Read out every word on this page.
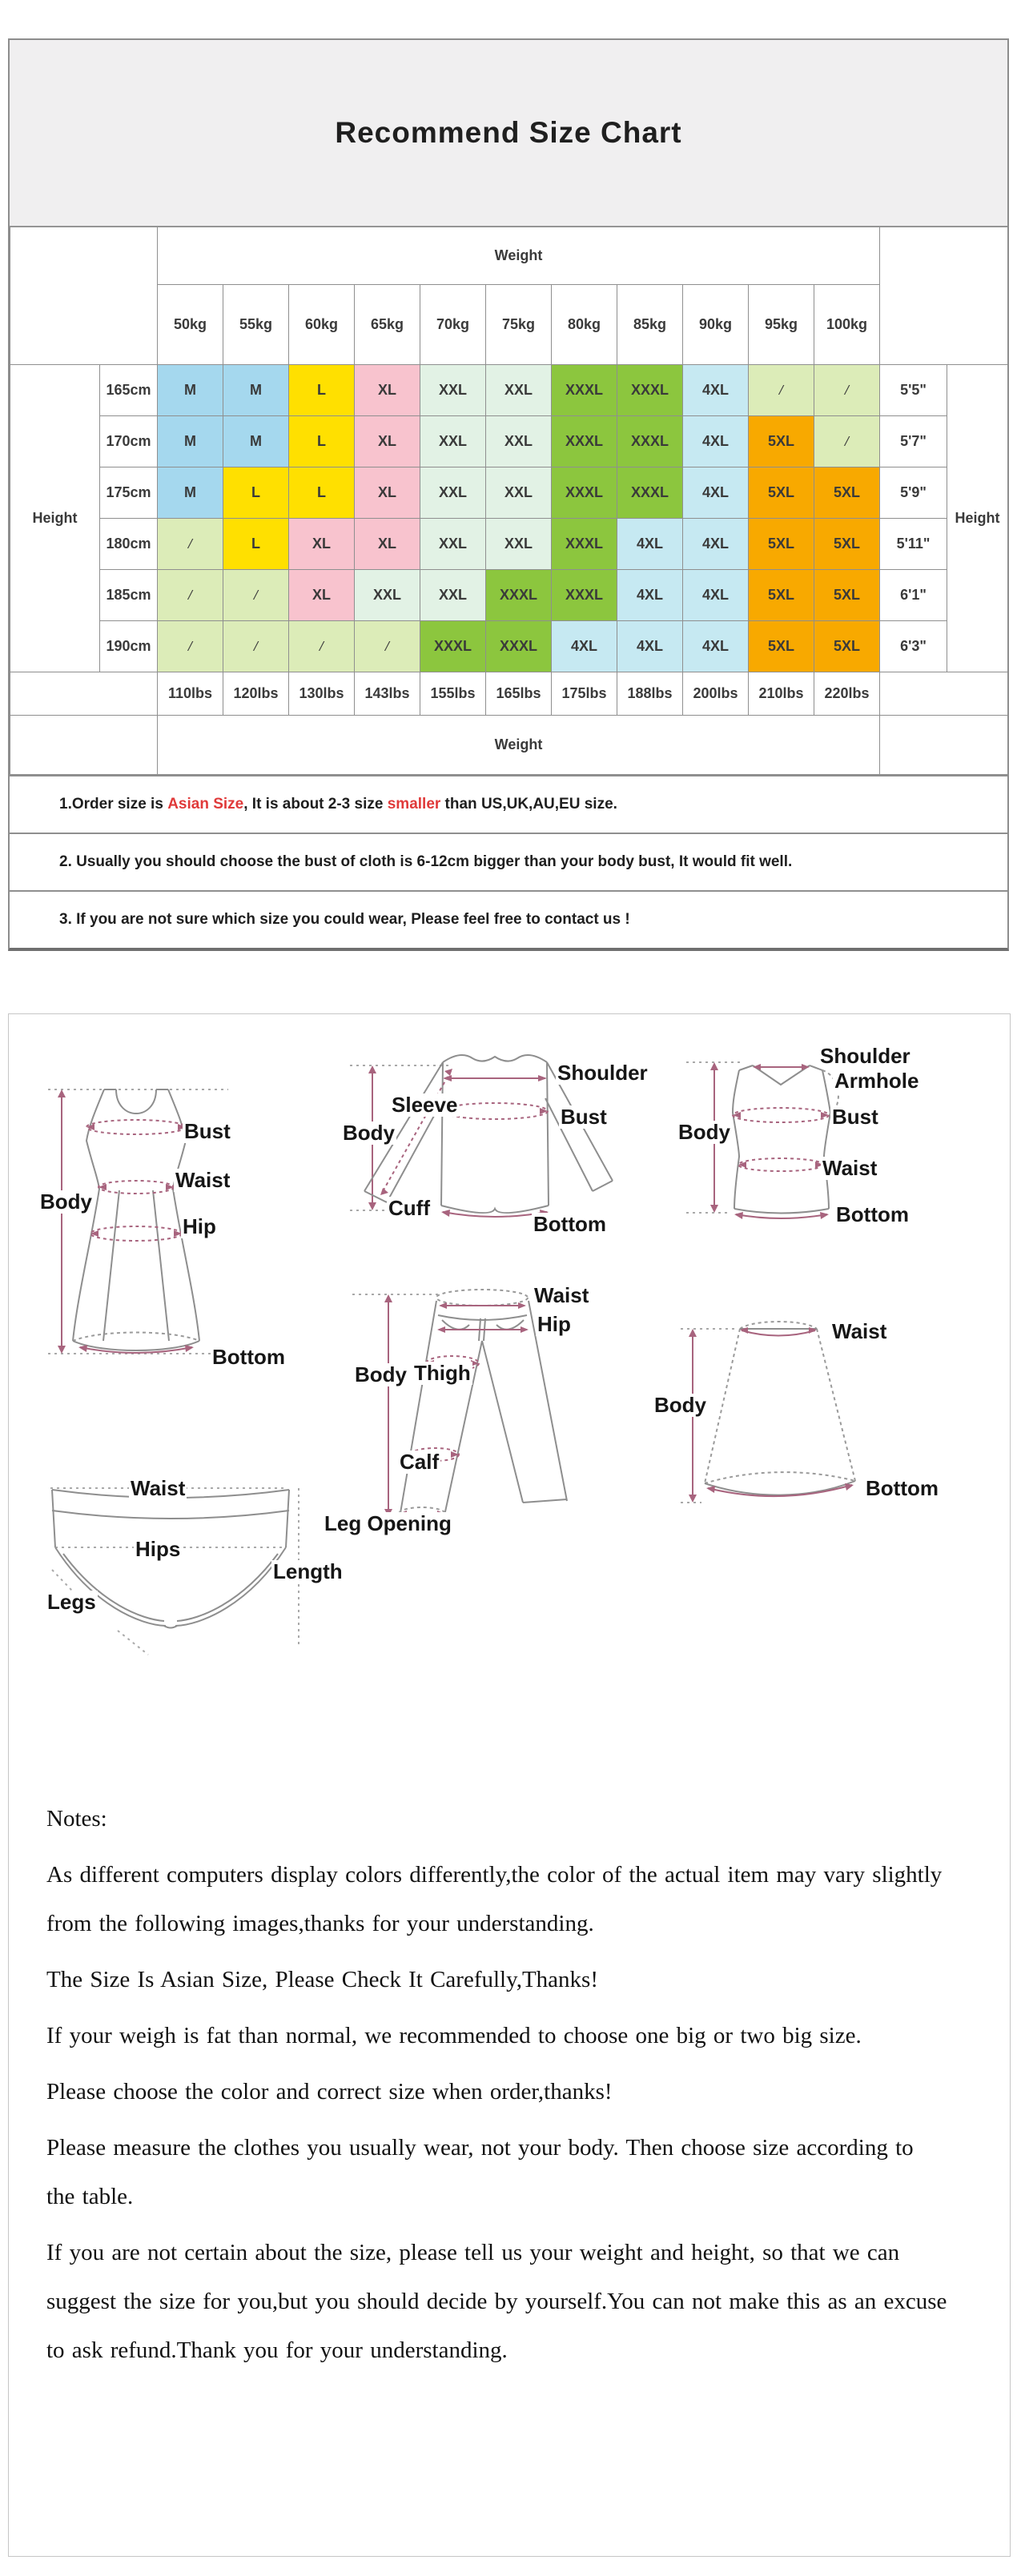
Recommend Size Chart
		Weight												
		50kg	55kg	60kg	65kg	70kg	75kg	80kg	85kg	90kg	95kg	100kg		
Height	165cm	M	M	L	XL	XXL	XXL	XXXL	XXXL	4XL	/	/	5'5"	Height
	170cm	M	M	L	XL	XXL	XXL	XXXL	XXXL	4XL	5XL	/	5'7"	
	175cm	M	L	L	XL	XXL	XXL	XXXL	XXXL	4XL	5XL	5XL	5'9"	
	180cm	/	L	XL	XL	XXL	XXL	XXXL	4XL	4XL	5XL	5XL	5'11"	
	185cm	/	/	XL	XXL	XXL	XXXL	XXXL	4XL	4XL	5XL	5XL	6'1"	
	190cm	/	/	/	/	XXXL	XXXL	4XL	4XL	4XL	5XL	5XL	6'3"	
		110lbs	120lbs	130lbs	143lbs	155lbs	165lbs	175lbs	188lbs	200lbs	210lbs	220lbs		
		Weight												
1.Order size is Asian Size , It is about 2-3 size smaller than US,UK,AU,EU size.
2. Usually you should choose the bust of cloth is 6-12cm bigger than your body bust, It would fit well.
3. If you are not sure which size you could wear, Please feel free to contact us !
Body
Bust
Waist
Hip
Bottom
Sleeve
Shoulder
Body
Bust
Cuff
Bottom
Shoulder
Armhole
Bust
Body
Waist
Bottom
Waist
Hip
Body Thigh
Calf
Leg Opening
Waist
Hips
Legs
Length
Waist
Body
Bottom

Notes:

As different computers display colors differently,the color of the actual item may vary slightly from the following images,thanks for your understanding.

The Size Is Asian Size, Please Check It Carefully,Thanks!

If your weigh is fat than normal, we recommended to choose one big or two big size.

Please choose the color and correct size when order,thanks!

Please measure the clothes you usually wear, not your body. Then choose size according to the table.

If you are not certain about the size, please tell us your weight and height, so that we can suggest the size for you,but you should decide by yourself.You can not make this as an excuse to ask refund.Thank you for your understanding.
